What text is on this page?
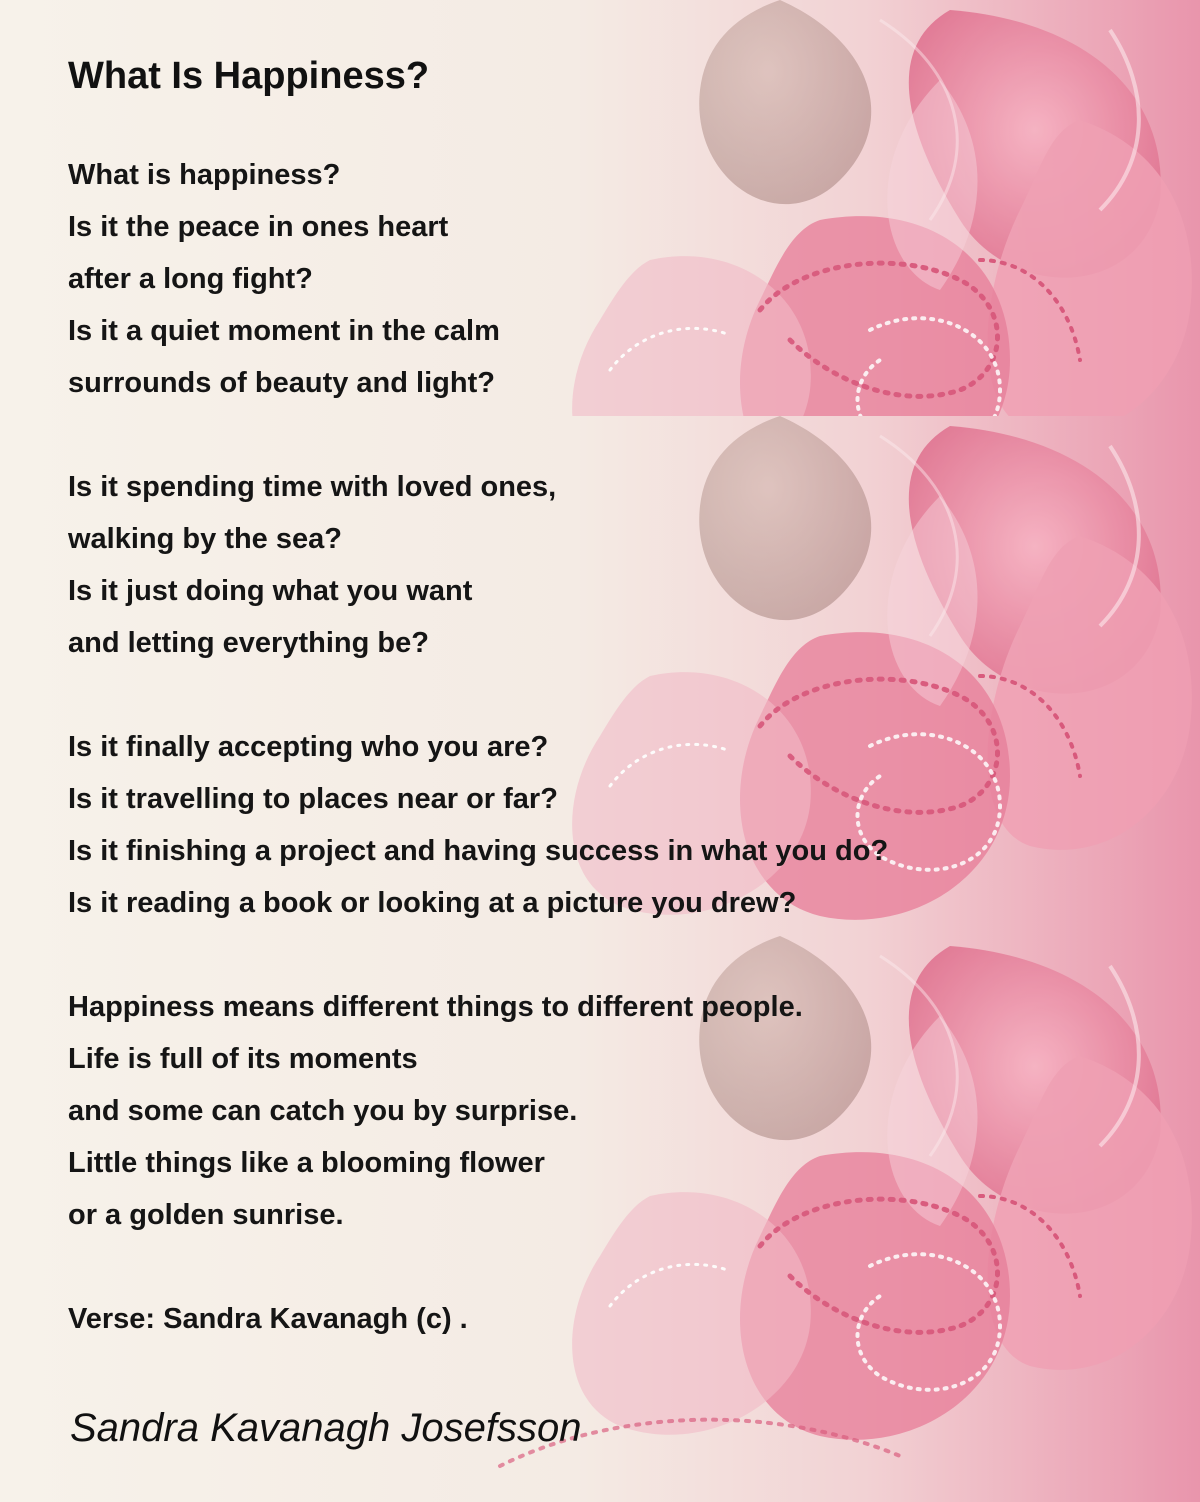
What Is Happiness?
What is happiness?
Is it the peace in ones heart
after a long fight?
Is it a quiet moment in the calm
surrounds of beauty and light?
Is it spending time with loved ones,
walking by the sea?
Is it just doing what you want
and letting everything be?
Is it finally accepting who you are?
Is it travelling to places near or far?
Is it finishing a project and having success in what you do?
Is it reading a book or looking at a picture you drew?
Happiness means different things to different people.
Life is full of its moments
and some can catch you by surprise.
Little things like a blooming flower
or a golden sunrise.
Verse: Sandra Kavanagh (c) .
Sandra Kavanagh Josefsson
